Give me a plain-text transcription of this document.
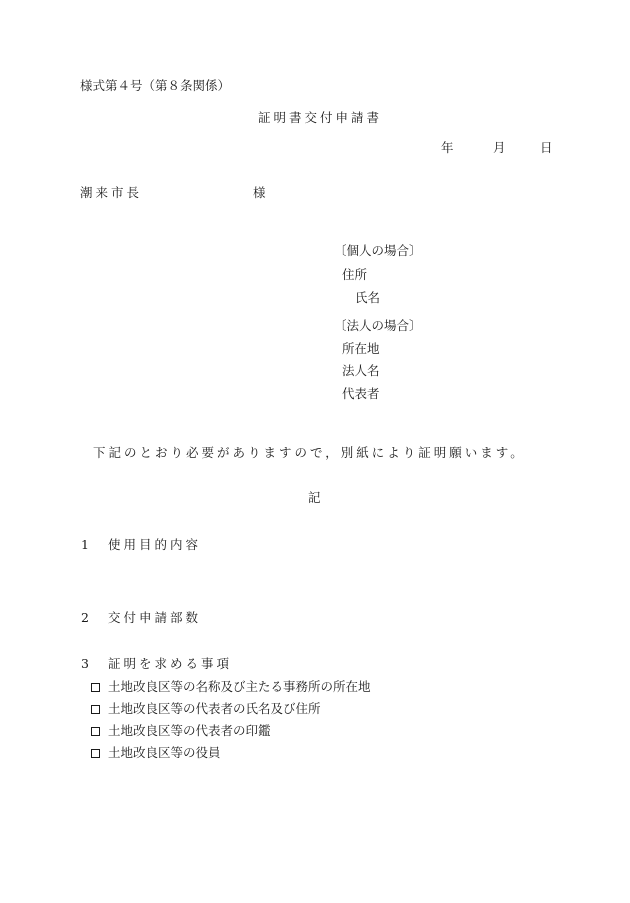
様式第４号（第８条関係）
証明書交付申請書
年	月	日
潮来市長	様
〔個人の場合〕
住所
氏名
〔法人の場合〕
所在地
法人名
代表者
下記のとおり必要がありますので，別紙により証明願います。
記
1 使用目的内容
2 交付申請部数
3 証明を求める事項
土地改良区等の名称及び主たる事務所の所在地
土地改良区等の代表者の氏名及び住所
土地改良区等の代表者の印鑑
土地改良区等の役員
